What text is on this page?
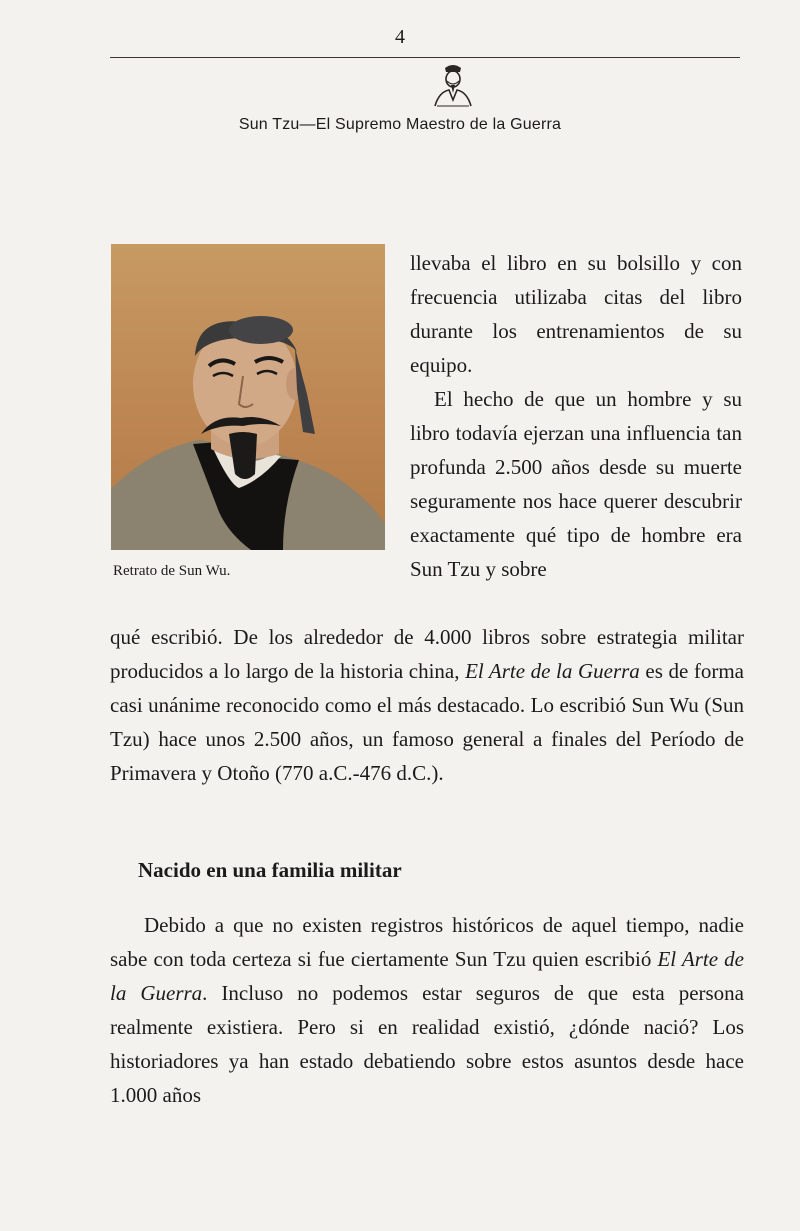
4
Sun Tzu—El Supremo Maestro de la Guerra
Retrato de Sun Wu.

llevaba el libro en su bolsillo y con frecuencia utilizaba citas del libro durante los entrenamientos de su equipo.

El hecho de que un hombre y su libro todavía ejerzan una influencia tan profunda 2.500 años desde su muerte seguramente nos hace querer descubrir exactamente qué tipo de hombre era Sun Tzu y sobre

qué escribió. De los alrededor de 4.000 libros sobre estrategia militar producidos a lo largo de la historia china, El Arte de la Guerra es de forma casi unánime reconocido como el más destacado. Lo escribió Sun Wu (Sun Tzu) hace unos 2.500 años, un famoso general a finales del Período de Primavera y Otoño (770 a.C.-476 d.C.).

Nacido en una familia militar

Debido a que no existen registros históricos de aquel tiempo, nadie sabe con toda certeza si fue ciertamente Sun Tzu quien escribió El Arte de la Guerra. Incluso no podemos estar seguros de que esta persona realmente existiera. Pero si en realidad existió, ¿dónde nació? Los historiadores ya han estado debatiendo sobre estos asuntos desde hace 1.000 años
